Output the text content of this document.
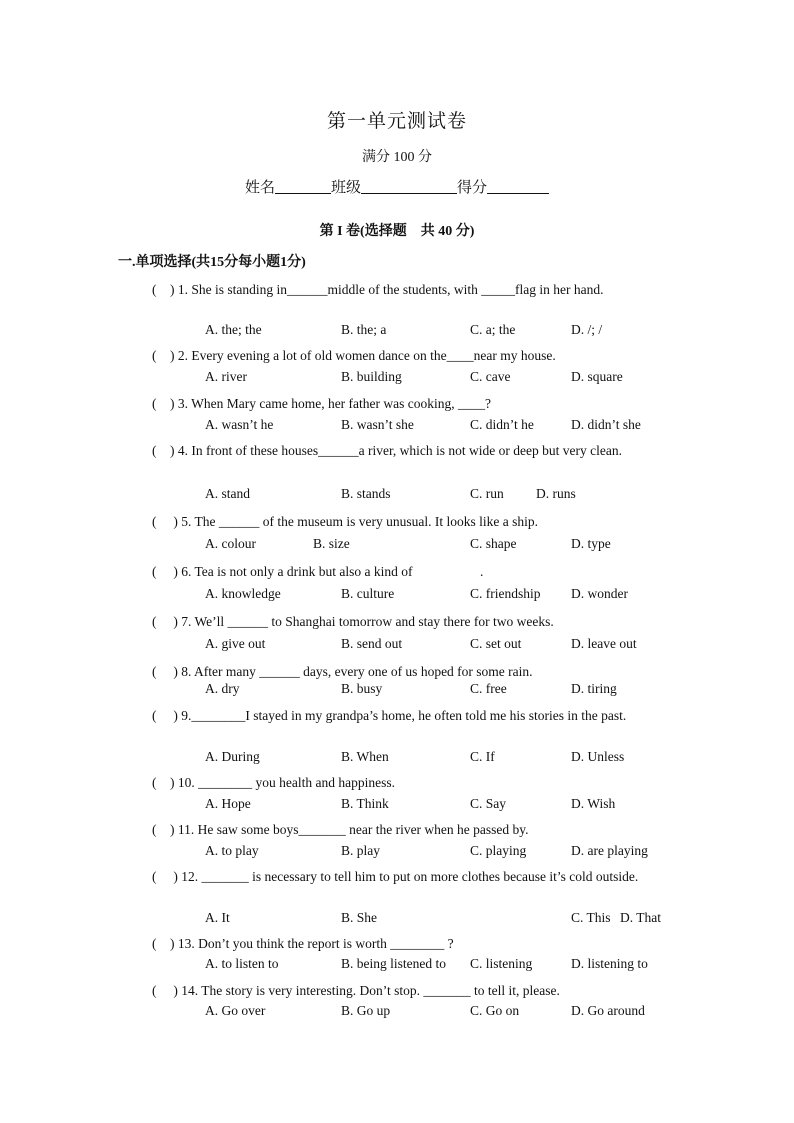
第一单元测试卷
满分 100 分
姓名	班级	得分
第 I 卷(选择题　共 40 分)
一.单项选择(共15分每小题1分)
(　) 1. She is standing in______middle of the students, with _____flag in her hand.
A. the; the	B. the; a	C. a; the	D. /; /
(　) 2. Every evening a lot of old women dance on the____near my house.
A. river	B. building	C. cave	D. square
(　) 3. When Mary came home, her father was cooking, ____?
A. wasn’t he	B. wasn’t she	C. didn’t he	D. didn’t she
(　) 4. In front of these houses______a river, which is not wide or deep but very clean.
A. stand	B. stands	C. run D. runs
(　 ) 5. The ______ of the museum is very unusual. It looks like a ship.
A. colour	B. size	C. shape	D. type
(　 ) 6. Tea is not only a drink but also a kind of　　　　　.
A. knowledge	B. culture	C. friendship D. wonder
(　 ) 7. We’ll ______ to Shanghai tomorrow and stay there for two weeks.
A. give out	B. send out	C. set out	D. leave out
(　 ) 8. After many ______ days, every one of us hoped for some rain.
A. dry	B. busy	C. free	D. tiring
(　 ) 9.________I stayed in my grandpa’s home, he often told me his stories in the past.
A. During	B. When	C. If	D. Unless
(　) 10. ________ you health and happiness.
A. Hope	B. Think	C. Say	D. Wish
(　) 11. He saw some boys_______ near the river when he passed by.
A. to play	B. play	C. playing	D. are playing
(　 ) 12. _______ is necessary to tell him to put on more clothes because it’s cold outside.
A. It	B. She	C. This D. That
(　) 13. Don’t you think the report is worth ________ ?
A. to listen to	B. being listened to C. listening	D. listening to
(　 ) 14. The story is very interesting. Don’t stop. _______ to tell it, please.
A. Go over	B. Go up	C. Go on	D. Go around
